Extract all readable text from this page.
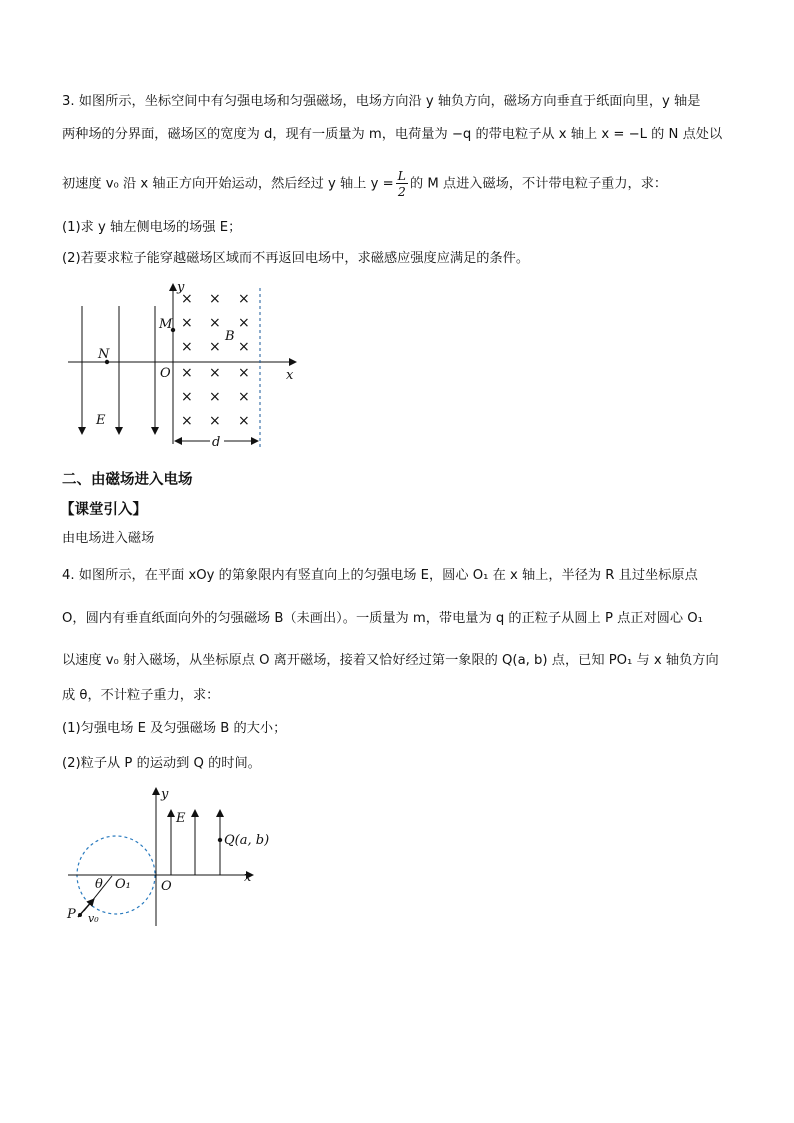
3. 如图所示，坐标空间中有匀强电场和匀强磁场，电场方向沿 y 轴负方向，磁场方向垂直于纸面向里，y 轴是
两种场的分界面，磁场区的宽度为 d，现有一质量为 m，电荷量为 −q 的带电粒子从 x 轴上 x = −L 的 N 点处以
初速度 v₀ 沿 x 轴正方向开始运动，然后经过 y 轴上 $y = \frac{L}{2}$ 的 M 点进入磁场，不计带电粒子重力，求：
(1)求 y 轴左侧电场的场强 E；
(2)若要求粒子能穿越磁场区域而不再返回电场中，求磁感应强度应满足的条件。
× × ×
× × ×
× × ×
× × ×
× × ×
× × ×
y
x
O
M
N
B
E
d
二、由磁场进入电场
【课堂引入】
由电场进入磁场
4. 如图所示，在平面 xOy 的第象限内有竖直向上的匀强电场 E，圆心 O₁ 在 x 轴上，半径为 R 且过坐标原点
O，圆内有垂直纸面向外的匀强磁场 B（未画出）。一质量为 m，带电量为 q 的正粒子从圆上 P 点正对圆心 O₁
以速度 v₀ 射入磁场，从坐标原点 O 离开磁场，接着又恰好经过第一象限的 Q(a, b) 点，已知 PO₁ 与 x 轴负方向
成 θ，不计粒子重力，求：
(1)匀强电场 E 及匀强磁场 B 的大小；
(2)粒子从 P 的运动到 Q 的时间。
y
x
O
O₁
θ
P v₀
E
Q(a, b)
